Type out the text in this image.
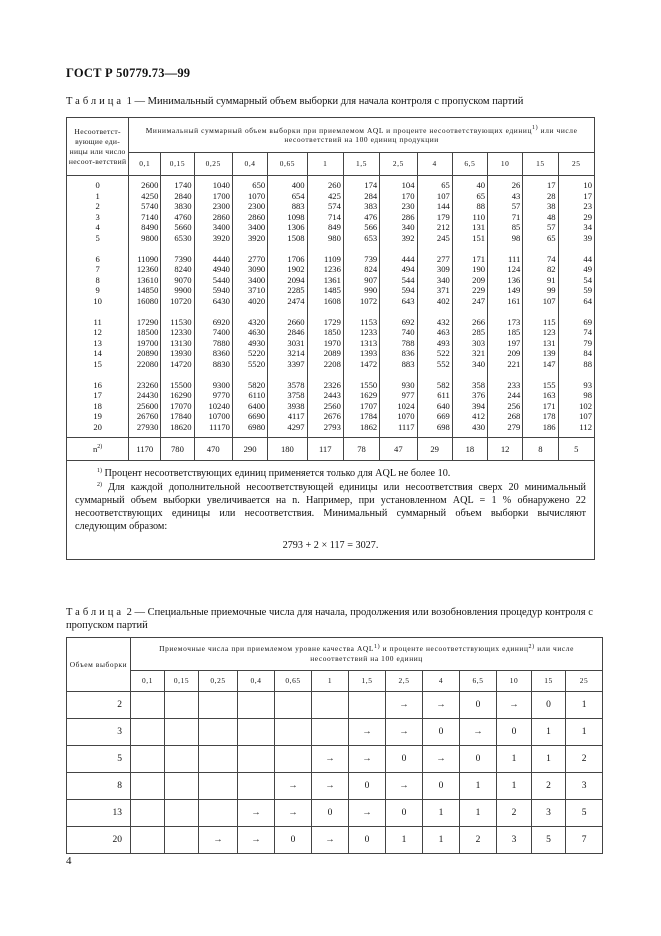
ГОСТ Р 50779.73—99
Таблица 1 — Минимальный суммарный объем выборки для начала контроля с пропуском партий
Несоответст-вующие еди-ницы или число несоот-ветствий	Минимальный суммарный объем выборки при приемлемом AQL и проценте несоответствующих единиц$^{1)}$ или числе несоответствий на 100 единиц продукции												
	0,1	0,15	0,25	0,4	0,65	1	1,5	2,5	4	6,5	10	15	25
0	2600	1740	1040	650	400	260	174	104	65	40	26	17	10
1	4250	2840	1700	1070	654	425	284	170	107	65	43	28	17
2	5740	3830	2300	2300	883	574	383	230	144	88	57	38	23
3	7140	4760	2860	2860	1098	714	476	286	179	110	71	48	29
4	8490	5660	3400	3400	1306	849	566	340	212	131	85	57	34
5	9800	6530	3920	3920	1508	980	653	392	245	151	98	65	39

6	11090	7390	4440	2770	1706	1109	739	444	277	171	111	74	44
7	12360	8240	4940	3090	1902	1236	824	494	309	190	124	82	49
8	13610	9070	5440	3400	2094	1361	907	544	340	209	136	91	54
9	14850	9900	5940	3710	2285	1485	990	594	371	229	149	99	59
10	16080	10720	6430	4020	2474	1608	1072	643	402	247	161	107	64

11	17290	11530	6920	4320	2660	1729	1153	692	432	266	173	115	69
12	18500	12330	7400	4630	2846	1850	1233	740	463	285	185	123	74
13	19700	13130	7880	4930	3031	1970	1313	788	493	303	197	131	79
14	20890	13930	8360	5220	3214	2089	1393	836	522	321	209	139	84
15	22080	14720	8830	5520	3397	2208	1472	883	552	340	221	147	88

16	23260	15500	9300	5820	3578	2326	1550	930	582	358	233	155	93
17	24430	16290	9770	6110	3758	2443	1629	977	611	376	244	163	98
18	25600	17070	10240	6400	3938	2560	1707	1024	640	394	256	171	102
19	26760	17840	10700	6690	4117	2676	1784	1070	669	412	268	178	107
20	27930	18620	11170	6980	4297	2793	1862	1117	698	430	279	186	112
$n^{2)}$	1170	780	470	290	180	117	78	47	29	18	12	8	5

$^{1)}$ Процент несоответствующих единиц применяется только для AQL не более 10.

$^{2)}$ Для каждой дополнительной несоответствующей единицы или несоответствия сверх 20 минимальный суммарный объем выборки увеличивается на n. Например, при установленном AQL = 1 % обнаружено 22 несоответствующих единицы или несоответствия. Минимальный суммарный объем выборки вычисляют следующим образом:

2793 + 2 × 117 = 3027.													
Таблица 2 — Специальные приемочные числа для начала, продолжения или возобновления процедур контроля с пропуском партий
Объем выборки	Приемочные числа при приемлемом уровне качества AQL$^{1)}$ и проценте несоответствующих единиц$^{2)}$ или числе несоответствий на 100 единиц												
	0,1	0,15	0,25	0,4	0,65	1	1,5	2,5	4	6,5	10	15	25
2								→	→	0	→	0	1
3							→	→	0	→	0	1	1
5						→	→	0	→	0	1	1	2
8					→	→	0	→	0	1	1	2	3
13				→	→	0	→	0	1	1	2	3	5
20			→	→	0	→	0	1	1	2	3	5	7
4
